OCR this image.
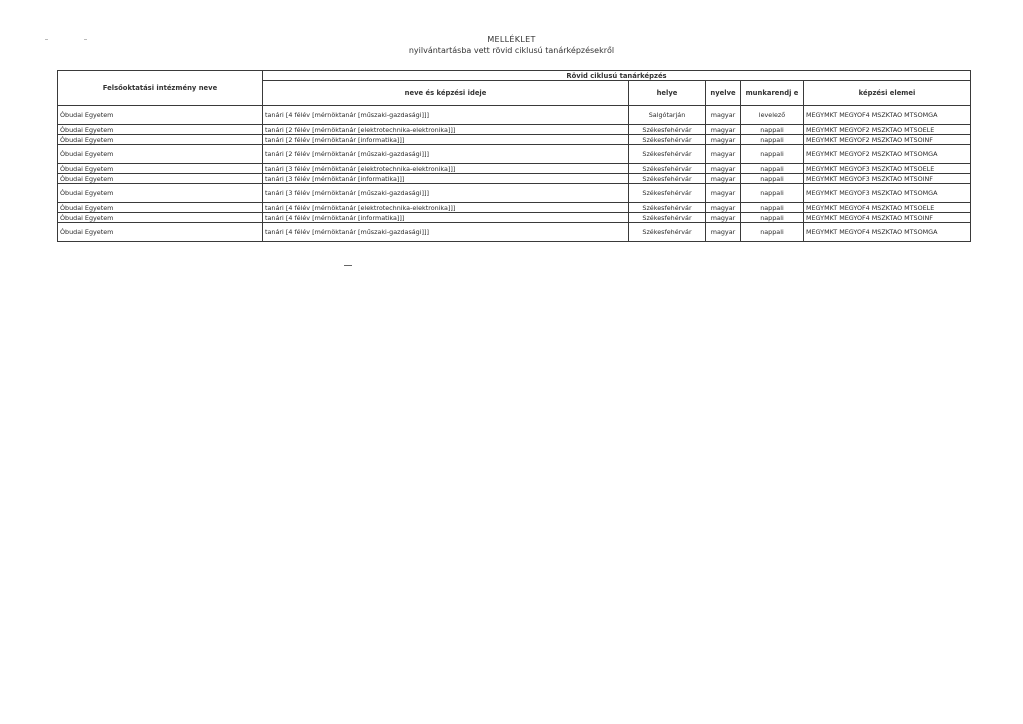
MELLÉKLET
nyilvántartásba vett rövid ciklusú tanárképzésekről
Felsőoktatási intézmény neve	Rövid ciklusú tanárképzés				
	neve és képzési ideje	helye	nyelve	munkarendj e	képzési elemei
Óbudai Egyetem	tanári [4 félév [mérnöktanár [műszaki-gazdasági]]]	Salgótarján	magyar	levelező	MEGYMKT MEGYOF4 MSZKTAO MTSOMGA
Óbudai Egyetem	tanári [2 félév [mérnöktanár [elektrotechnika-elektronika]]]	Székesfehérvár	magyar	nappali	MEGYMKT MEGYOF2 MSZKTAO MTSOELE
Óbudai Egyetem	tanári [2 félév [mérnöktanár [informatika]]]	Székesfehérvár	magyar	nappali	MEGYMKT MEGYOF2 MSZKTAO MTSOINF
Óbudai Egyetem	tanári [2 félév [mérnöktanár [műszaki-gazdasági]]]	Székesfehérvár	magyar	nappali	MEGYMKT MEGYOF2 MSZKTAO MTSOMGA
Óbudai Egyetem	tanári [3 félév [mérnöktanár [elektrotechnika-elektronika]]]	Székesfehérvár	magyar	nappali	MEGYMKT MEGYOF3 MSZKTAO MTSOELE
Óbudai Egyetem	tanári [3 félév [mérnöktanár [informatika]]]	Székesfehérvár	magyar	nappali	MEGYMKT MEGYOF3 MSZKTAO MTSOINF
Óbudai Egyetem	tanári [3 félév [mérnöktanár [műszaki-gazdasági]]]	Székesfehérvár	magyar	nappali	MEGYMKT MEGYOF3 MSZKTAO MTSOMGA
Óbudai Egyetem	tanári [4 félév [mérnöktanár [elektrotechnika-elektronika]]]	Székesfehérvár	magyar	nappali	MEGYMKT MEGYOF4 MSZKTAO MTSOELE
Óbudai Egyetem	tanári [4 félév [mérnöktanár [informatika]]]	Székesfehérvár	magyar	nappali	MEGYMKT MEGYOF4 MSZKTAO MTSOINF
Óbudai Egyetem	tanári [4 félév [mérnöktanár [műszaki-gazdasági]]]	Székesfehérvár	magyar	nappali	MEGYMKT MEGYOF4 MSZKTAO MTSOMGA
